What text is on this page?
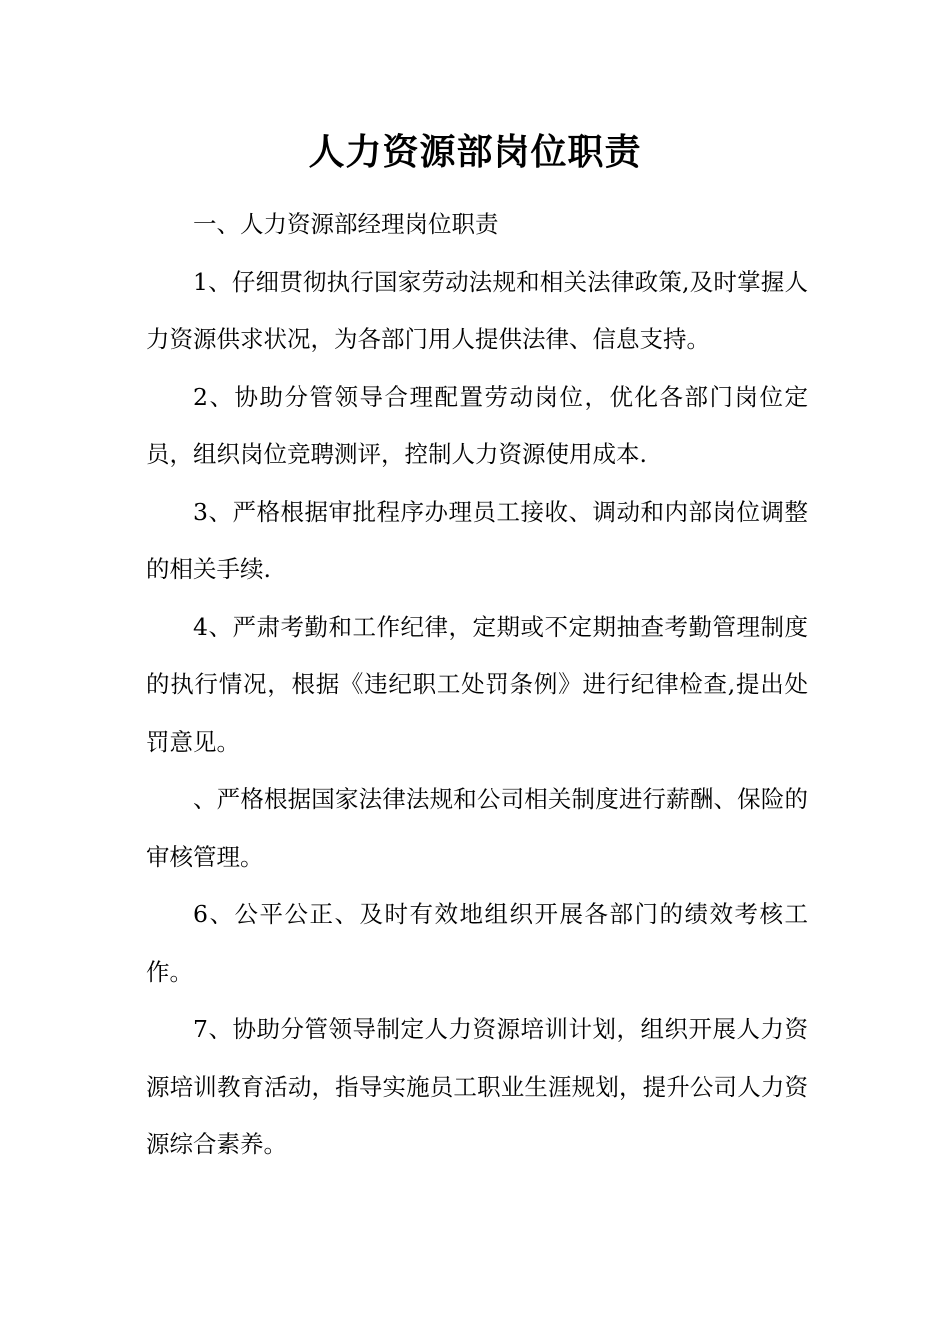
人力资源部岗位职责

一、人力资源部经理岗位职责

1、仔细贯彻执行国家劳动法规和相关法律政策,及时掌握人力资源供求状况，为各部门用人提供法律、信息支持。

2、协助分管领导合理配置劳动岗位，优化各部门岗位定员，组织岗位竞聘测评，控制人力资源使用成本.

3、严格根据审批程序办理员工接收、调动和内部岗位调整的相关手续.

4、严肃考勤和工作纪律，定期或不定期抽查考勤管理制度的执行情况，根据《违纪职工处罚条例》进行纪律检查,提出处罚意见。

、严格根据国家法律法规和公司相关制度进行薪酬、保险的审核管理。

6、公平公正、及时有效地组织开展各部门的绩效考核工作。

7、协助分管领导制定人力资源培训计划，组织开展人力资源培训教育活动，指导实施员工职业生涯规划，提升公司人力资源综合素养。
